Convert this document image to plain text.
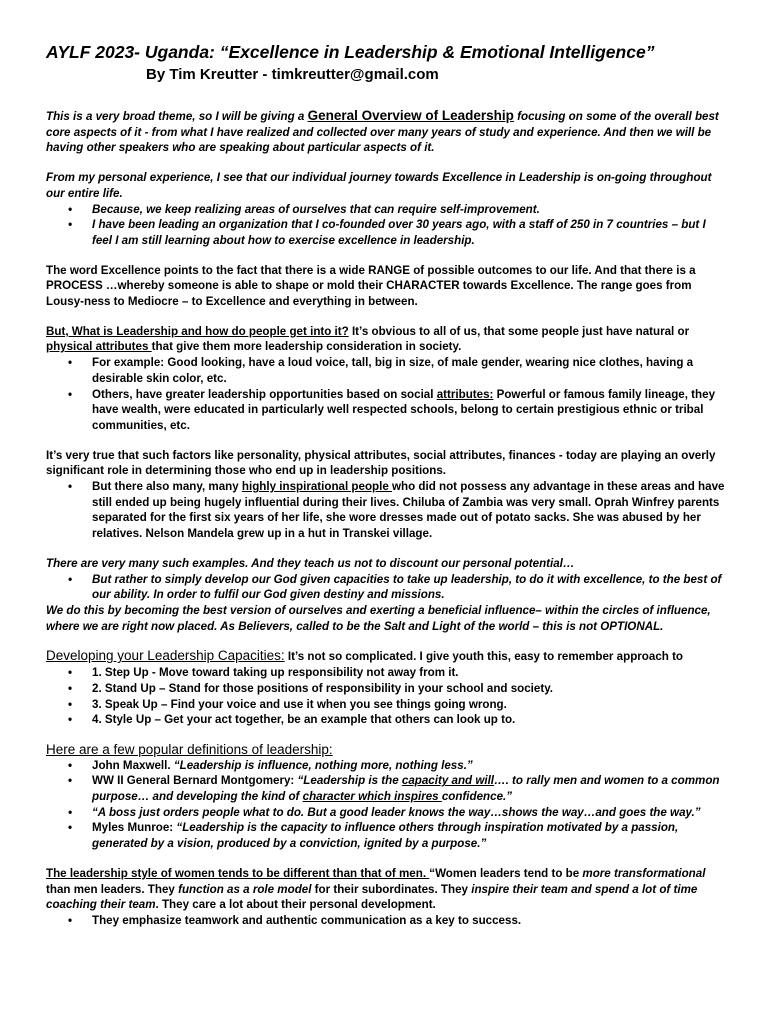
AYLF 2023- Uganda: “Excellence in Leadership & Emotional Intelligence”
By Tim Kreutter - timkreutter@gmail.com

This is a very broad theme, so I will be giving a General Overview of Leadership focusing on some of the overall best core aspects of it - from what I have realized and collected over many years of study and experience. And then we will be having other speakers who are speaking about particular aspects of it.

From my personal experience, I see that our individual journey towards Excellence in Leadership is on-going throughout our entire life.

• Because, we keep realizing areas of ourselves that can require self-improvement.
• I have been leading an organization that I co-founded over 30 years ago, with a staff of 250 in 7 countries – but I feel I am still learning about how to exercise excellence in leadership.

The word Excellence points to the fact that there is a wide RANGE of possible outcomes to our life. And that there is a PROCESS …whereby someone is able to shape or mold their CHARACTER towards Excellence. The range goes from Lousy-ness to Mediocre – to Excellence and everything in between.

But, What is Leadership and how do people get into it? It’s obvious to all of us, that some people just have natural or physical attributes that give them more leadership consideration in society.

• For example: Good looking, have a loud voice, tall, big in size, of male gender, wearing nice clothes, having a desirable skin color, etc.
• Others, have greater leadership opportunities based on social attributes: Powerful or famous family lineage, they have wealth, were educated in particularly well respected schools, belong to certain prestigious ethnic or tribal communities, etc.

It’s very true that such factors like personality, physical attributes, social attributes, finances - today are playing an overly significant role in determining those who end up in leadership positions.

• But there also many, many highly inspirational people who did not possess any advantage in these areas and have still ended up being hugely influential during their lives. Chiluba of Zambia was very small. Oprah Winfrey parents separated for the first six years of her life, she wore dresses made out of potato sacks. She was abused by her relatives. Nelson Mandela grew up in a hut in Transkei village.

There are very many such examples. And they teach us not to discount our personal potential…

• But rather to simply develop our God given capacities to take up leadership, to do it with excellence, to the best of our ability. In order to fulfil our God given destiny and missions.

We do this by becoming the best version of ourselves and exerting a beneficial influence– within the circles of influence, where we are right now placed. As Believers, called to be the Salt and Light of the world – this is not OPTIONAL.

Developing your Leadership Capacities: It’s not so complicated. I give youth this, easy to remember approach to

• 1. Step Up - Move toward taking up responsibility not away from it.
• 2. Stand Up – Stand for those positions of responsibility in your school and society.
• 3. Speak Up – Find your voice and use it when you see things going wrong.
• 4. Style Up – Get your act together, be an example that others can look up to.

Here are a few popular definitions of leadership:

• John Maxwell. “Leadership is influence, nothing more, nothing less.”
• WW II General Bernard Montgomery: “Leadership is the capacity and will…. to rally men and women to a common purpose… and developing the kind of character which inspires confidence.”
• “A boss just orders people what to do. But a good leader knows the way…shows the way…and goes the way.”
• Myles Munroe: “Leadership is the capacity to influence others through inspiration motivated by a passion, generated by a vision, produced by a conviction, ignited by a purpose.”

The leadership style of women tends to be different than that of men. “Women leaders tend to be more transformational than men leaders. They function as a role model for their subordinates. They inspire their team and spend a lot of time coaching their team. They care a lot about their personal development.

• They emphasize teamwork and authentic communication as a key to success.
